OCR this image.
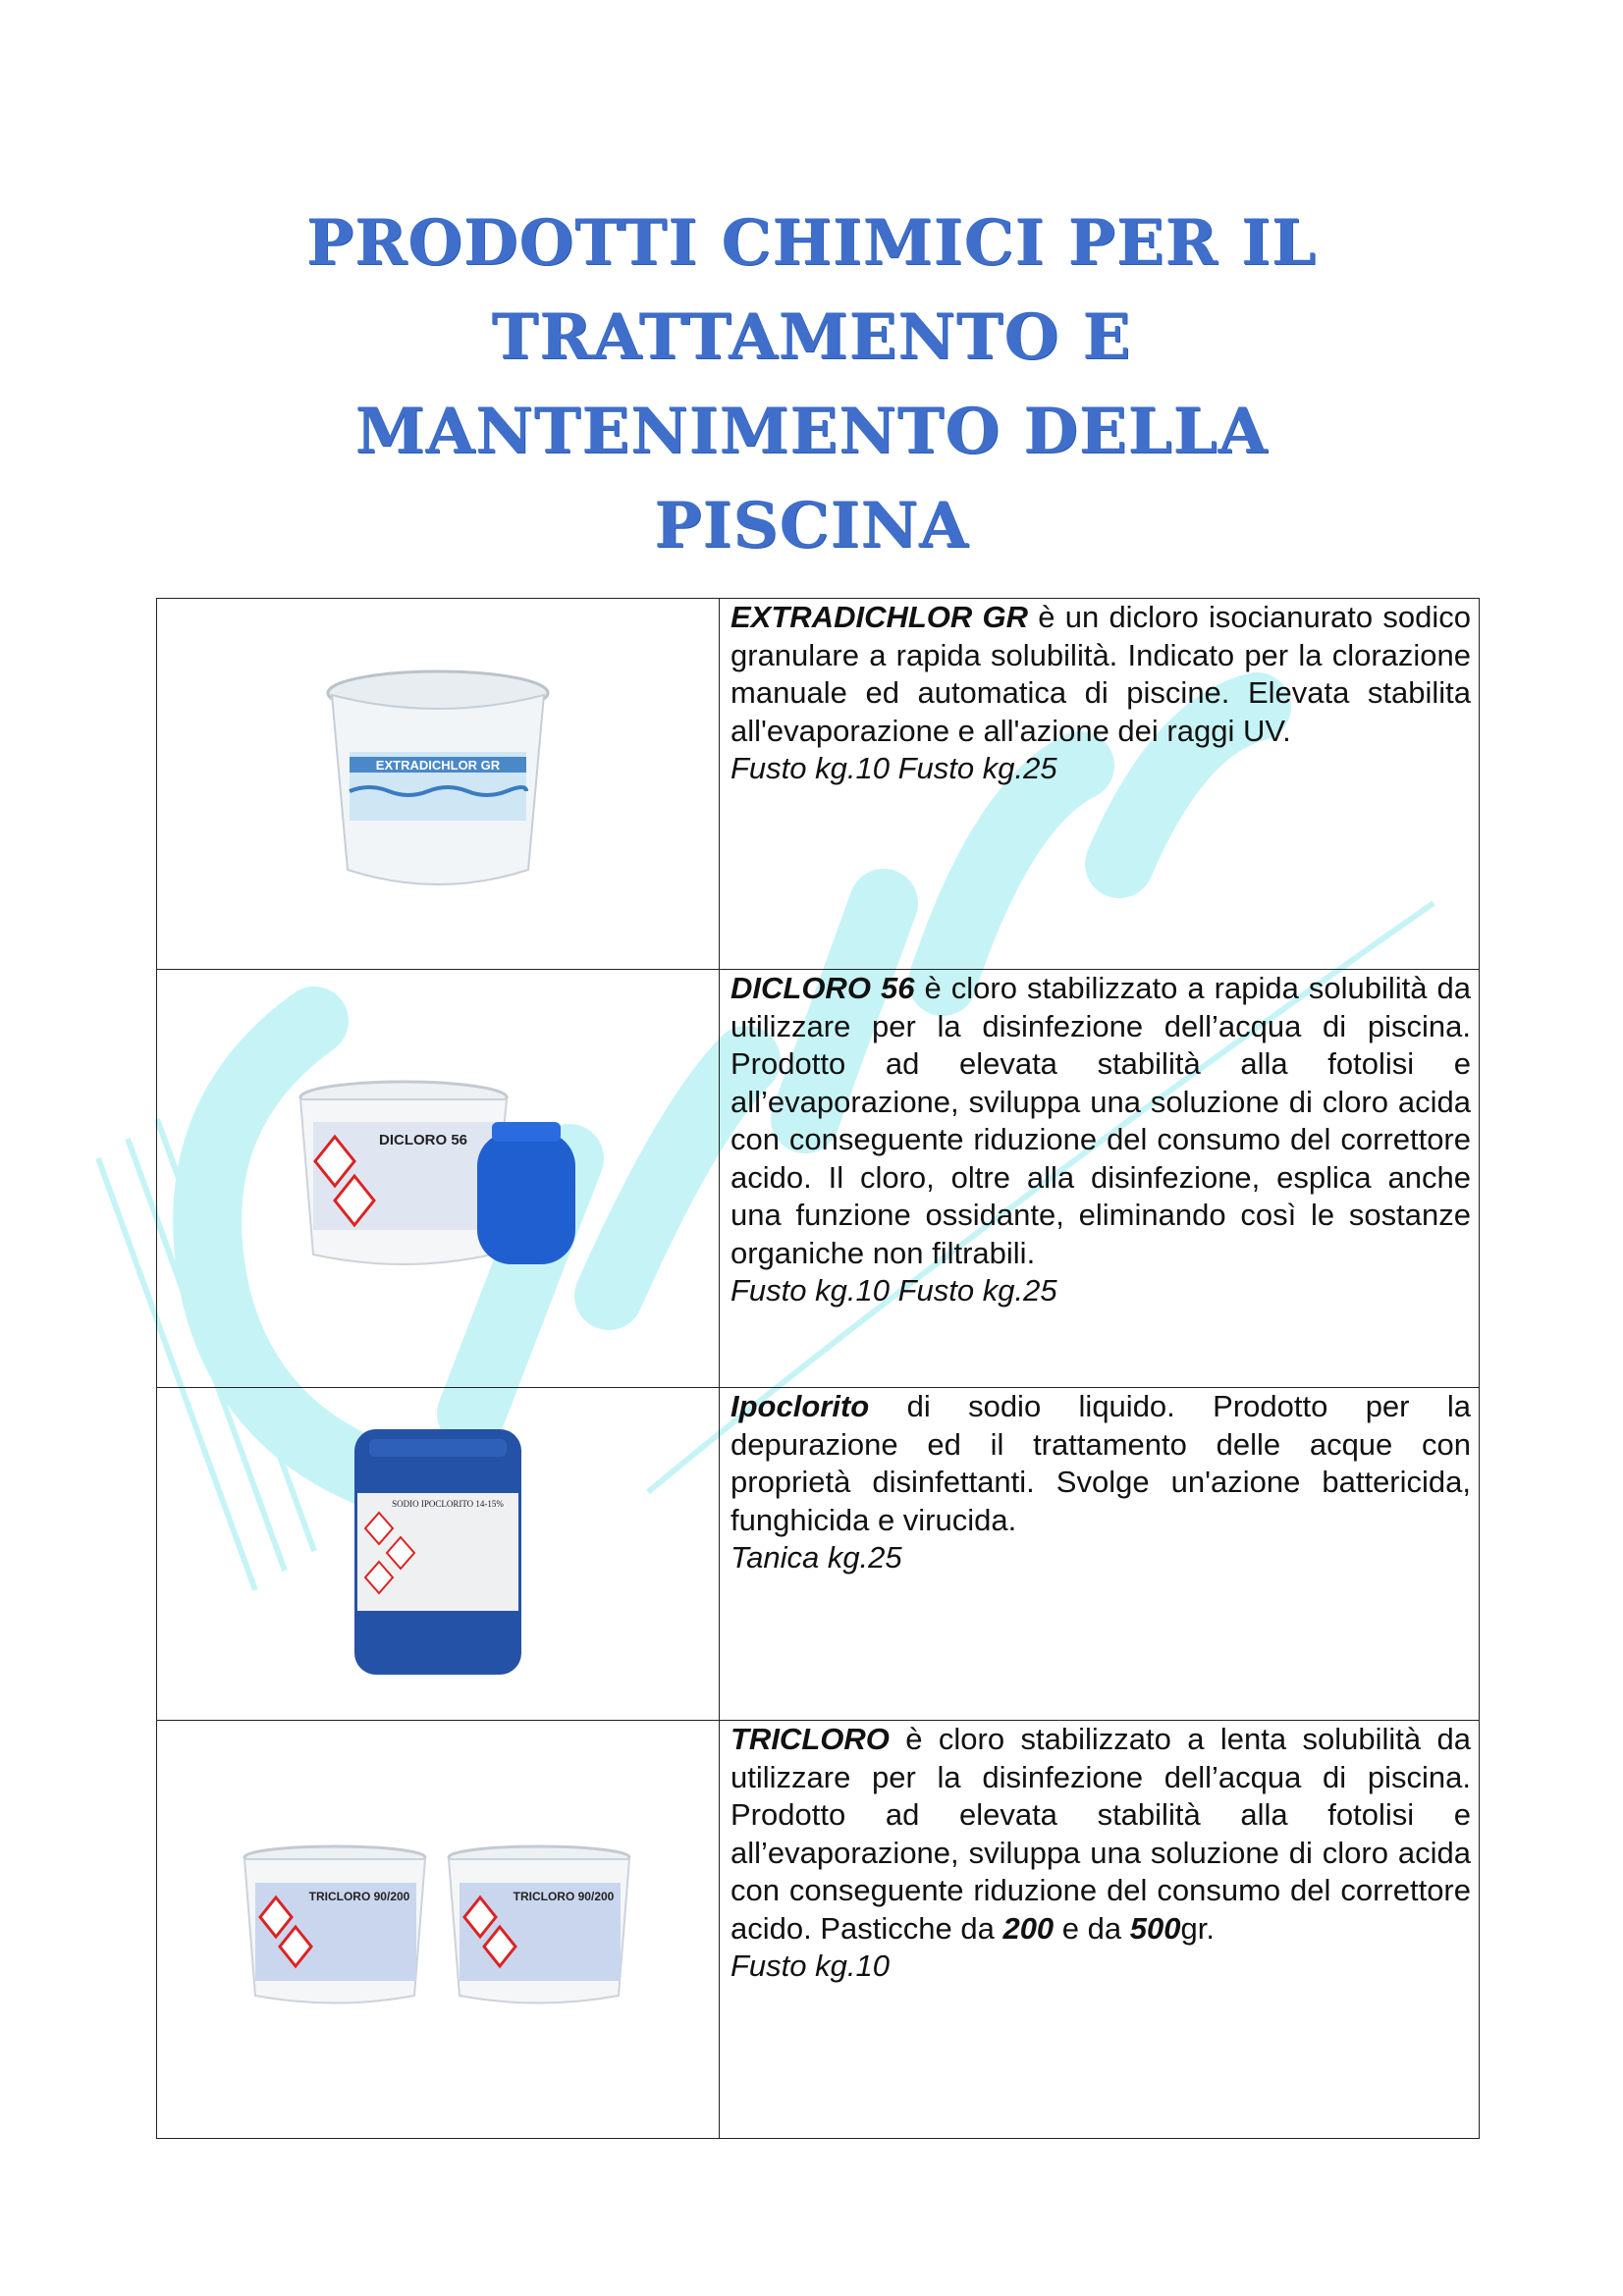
PRODOTTI CHIMICI PER IL
TRATTAMENTO E
MANTENIMENTO DELLA
PISCINA
EXTRADICHLOR GR	EXTRADICHLOR GR è un dicloro isocianurato sodico granulare a rapida solubilità. Indicato per la clorazione manuale ed automatica di piscine. Elevata stabilita all'evaporazione e all'azione dei raggi UV.
Fusto kg.10 Fusto kg.25

DICLORO 56	DICLORO 56 è cloro stabilizzato a rapida solubilità da utilizzare per la disinfezione dell’acqua di piscina. Prodotto ad elevata stabilità alla fotolisi e all’evaporazione, sviluppa una soluzione di cloro acida con conseguente riduzione del consumo del correttore acido. Il cloro, oltre alla disinfezione, esplica anche una funzione ossidante, eliminando così le sostanze organiche non filtrabili.
Fusto kg.10 Fusto kg.25

SODIO IPOCLORITO 14-15%	Ipoclorito di sodio liquido. Prodotto per la depurazione ed il trattamento delle acque con proprietà disinfettanti. Svolge un'azione battericida, funghicida e virucida.
Tanica kg.25

TRICLORO 90/200 TRICLORO 90/200	TRICLORO è cloro stabilizzato a lenta solubilità da utilizzare per la disinfezione dell’acqua di piscina. Prodotto ad elevata stabilità alla fotolisi e all’evaporazione, sviluppa una soluzione di cloro acida con conseguente riduzione del consumo del correttore acido. Pasticche da 200 e da 500gr.
Fusto kg.10
